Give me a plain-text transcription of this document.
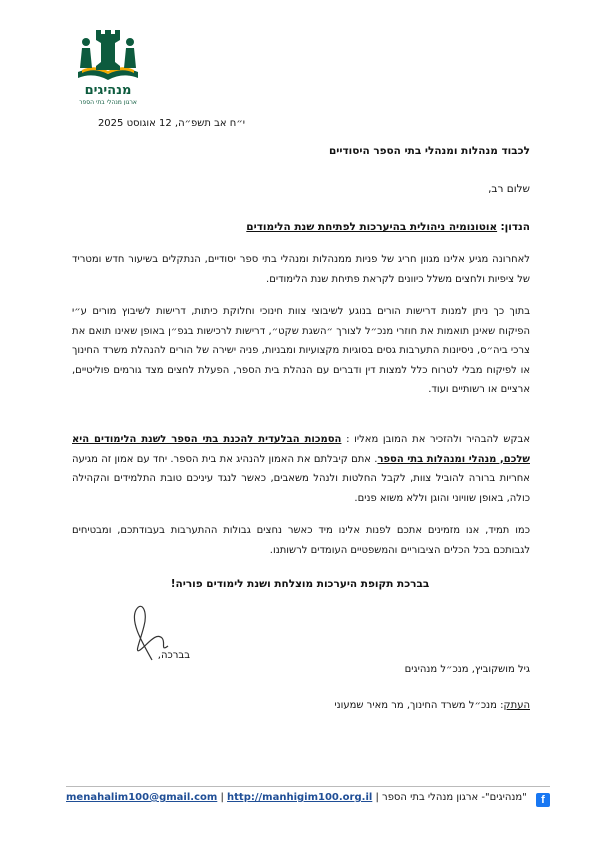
מנהיגים
ארגון מנהלי בתי הספר
י״ח אב תשפ״ה, 12 אוגוסט 2025
לכבוד מנהלות ומנהלי בתי הספר היסודיים
שלום רב,
הנדון: אוטונומיה ניהולית בהיערכות לפתיחת שנת הלימודים
לאחרונה מגיע אלינו מגוון חריג של פניות ממנהלות ומנהלי בתי ספר יסודיים, הנתקלים בשיעור חדש ומטריד של ציפיות ולחצים משלל כיוונים לקראת פתיחת שנת הלימודים.
בתוך כך ניתן למנות דרישות הורים בנוגע לשיבוצי צוות חינוכי וחלוקת כיתות, דרישות לשיבוץ מורים ע״י הפיקוח שאינן תואמות את חוזרי מנכ״ל לצורך ״השגת שקט״, דרישות לרכישות בגפ״ן באופן שאינו תואם את צרכי ביה״ס, ניסיונות התערבות גסים בסוגיות מקצועיות ומבניות, פניה ישירה של הורים להנהלת משרד החינוך או לפיקוח מבלי לטרוח כלל למצות דין ודברים עם הנהלת בית הספר, הפעלת לחצים מצד גורמים פוליטיים, ארציים או רשותיים ועוד.
אבקש להבהיר ולהזכיר את המובן מאליו : הסמכות הבלעדית להכנת בתי הספר לשנת הלימודים היא שלכם, מנהלי ומנהלות בתי הספר. אתם קיבלתם את האמון להנהיג את בית הספר. יחד עם אמון זה מגיעה אחריות ברורה להוביל צוות, לקבל החלטות ולנהל משאבים, כאשר לנגד עיניכם טובת התלמידים והקהילה כולה, באופן שוויוני והוגן וללא משוא פנים.
כמו תמיד, אנו מזמינים אתכם לפנות אלינו מיד כאשר נחצים גבולות ההתערבות בעבודתכם, ומבטיחים לגבותכם בכל הכלים הציבוריים והמשפטיים העומדים לרשותנו.
בברכת תקופת היערכות מוצלחת ושנת לימודים פוריה!
בברכה,
גיל מושקוביץ, מנכ״ל מנהיגים
העתק: מנכ״ל משרד החינוך, מר מאיר שמעוני
menahalim100@gmail.com | http://manhigim100.org.il | "מנהיגים"- ארגון מנהלי בתי הספר	f
